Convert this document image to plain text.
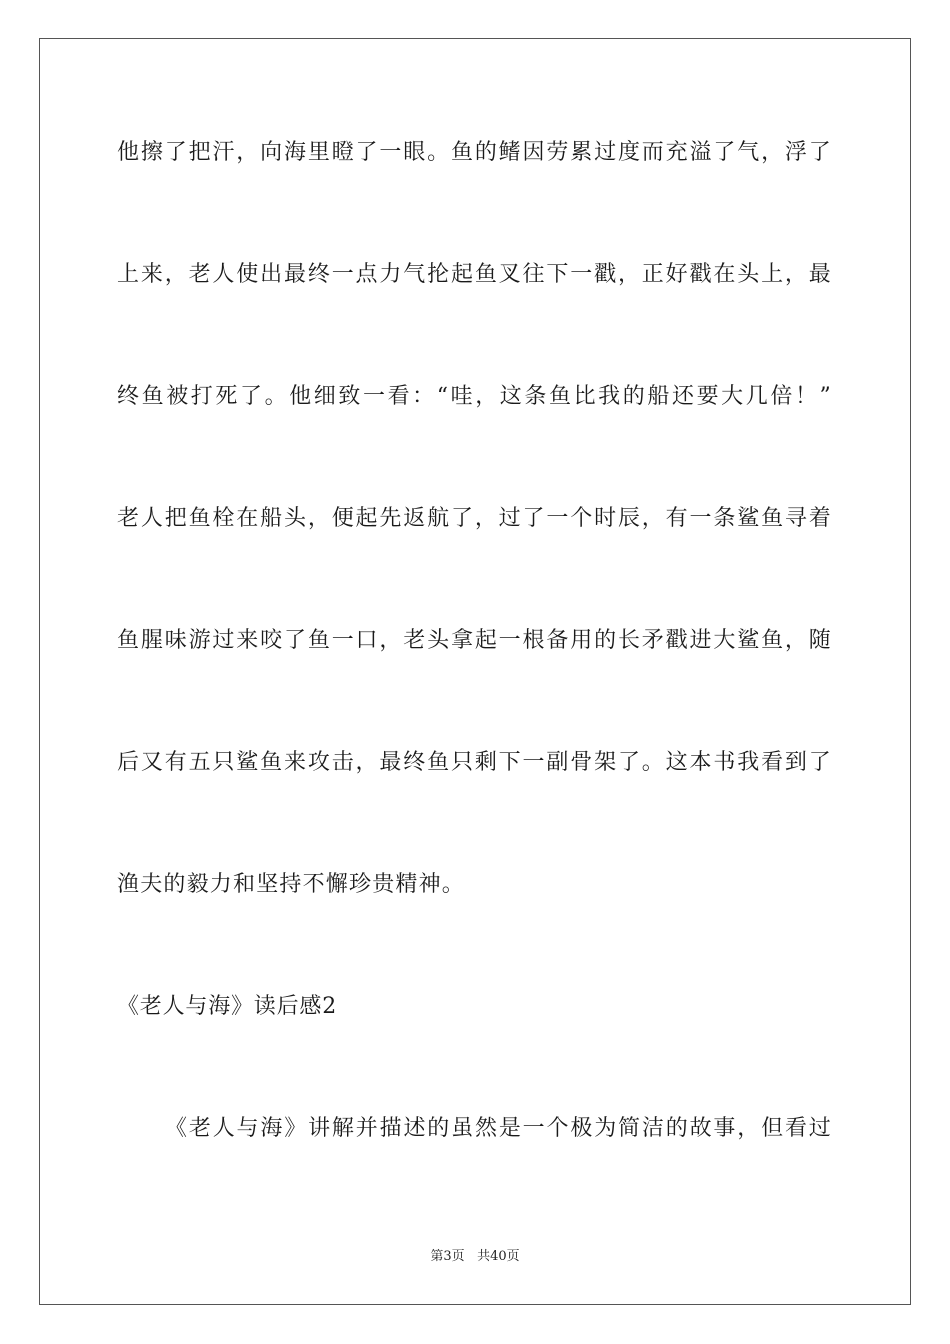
他擦了把汗，向海里瞪了一眼。鱼的鳍因劳累过度而充溢了气，浮了
上来，老人使出最终一点力气抡起鱼叉往下一戳，正好戳在头上，最
终鱼被打死了。他细致一看：“哇，这条鱼比我的船还要大几倍！”
老人把鱼栓在船头，便起先返航了，过了一个时辰，有一条鲨鱼寻着
鱼腥味游过来咬了鱼一口，老头拿起一根备用的长矛戳进大鲨鱼，随
后又有五只鲨鱼来攻击，最终鱼只剩下一副骨架了。这本书我看到了
渔夫的毅力和坚持不懈珍贵精神。
《老人与海》读后感2
《老人与海》讲解并描述的虽然是一个极为简洁的故事，但看过
第3页 共40页
